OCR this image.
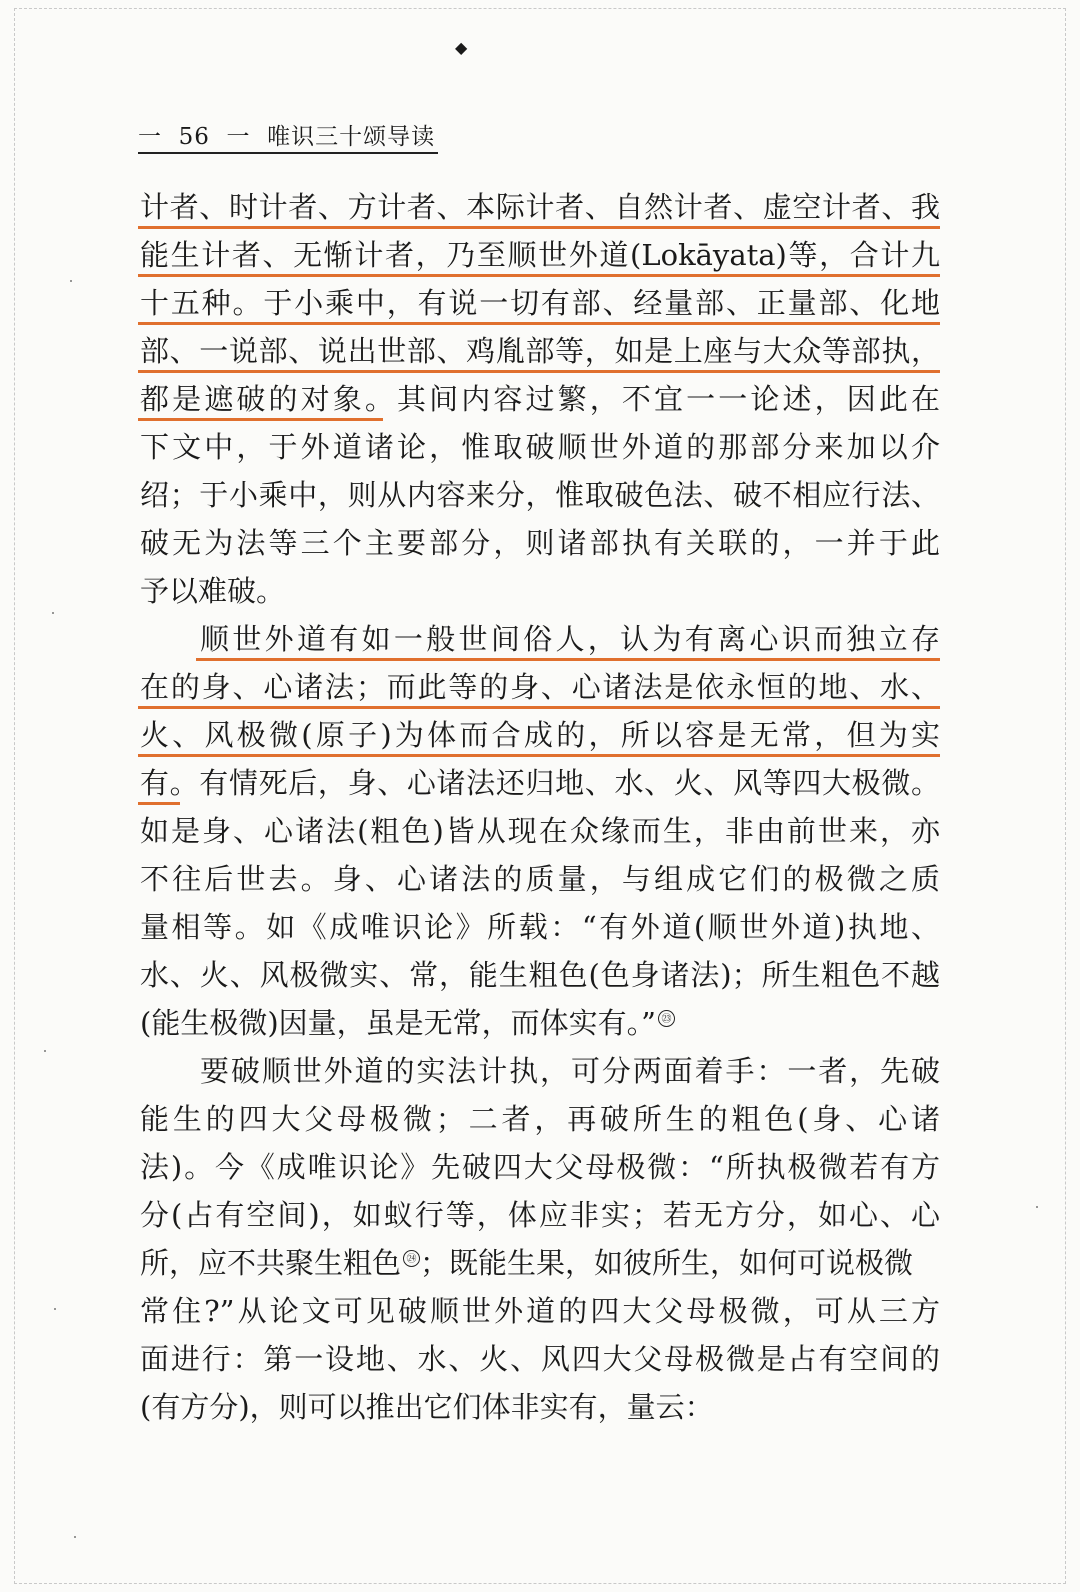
◆
一  56  一  唯识三十颂导读
计者、时计者、方计者、本际计者、自然计者、虚空计者、我
能生计者、无惭计者，乃至顺世外道(Lokāyata)等，合计九
十五种。于小乘中，有说一切有部、经量部、正量部、化地
部、一说部、说出世部、鸡胤部等，如是上座与大众等部执，
都是遮破的对象。其间内容过繁，不宜一一论述，因此在
下文中，于外道诸论，惟取破顺世外道的那部分来加以介
绍；于小乘中，则从内容来分，惟取破色法、破不相应行法、
破无为法等三个主要部分，则诸部执有关联的，一并于此
予以难破。
顺世外道有如一般世间俗人，认为有离心识而独立存
在的身、心诸法；而此等的身、心诸法是依永恒的地、水、
火、风极微(原子)为体而合成的，所以容是无常，但为实
有。有情死后，身、心诸法还归地、水、火、风等四大极微。
如是身、心诸法(粗色)皆从现在众缘而生，非由前世来，亦
不往后世去。身、心诸法的质量，与组成它们的极微之质
量相等。如《成唯识论》所载：“有外道(顺世外道)执地、
水、火、风极微实、常，能生粗色(色身诸法)；所生粗色不越
(能生极微)因量，虽是无常，而体实有。” ㉓
要破顺世外道的实法计执，可分两面着手：一者，先破
能生的四大父母极微；二者，再破所生的粗色(身、心诸
法)。今《成唯识论》先破四大父母极微：“所执极微若有方
分(占有空间)，如蚁行等，体应非实；若无方分，如心、心
所，应不共聚生粗色 ㉔ ；既能生果，如彼所生，如何可说极微
常住?”从论文可见破顺世外道的四大父母极微，可从三方
面进行：第一设地、水、火、风四大父母极微是占有空间的
(有方分)，则可以推出它们体非实有，量云：
